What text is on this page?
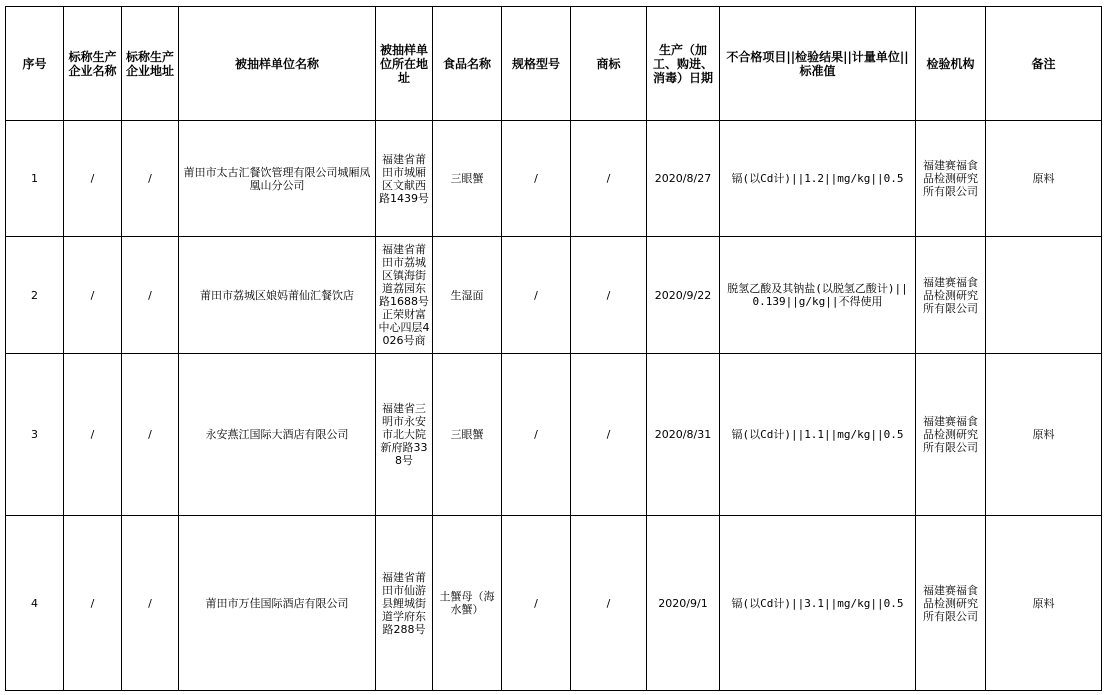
序号	标称生产企业名称	标称生产企业地址	被抽样单位名称	被抽样单位所在地址	食品名称	规格型号	商标	生产（加工、购进、消毒）日期	不合格项目||检验结果||计量单位||标准值	检验机构	备注
1	/	/	莆田市太古汇餐饮管理有限公司城厢凤凰山分公司	福建省莆田市城厢区文献西路1439号	三眼蟹	/	/	2020/8/27	镉(以Cd计)||1.2||mg/kg||0.5	福建赛福食品检测研究所有限公司	原料
2	/	/	莆田市荔城区娘妈莆仙汇餐饮店	福建省莆田市荔城区镇海街道荔园东路1688号正荣财富中心四层4026号商	生湿面	/	/	2020/9/22	脱氢乙酸及其钠盐(以脱氢乙酸计)||0.139||g/kg||不得使用	福建赛福食品检测研究所有限公司	
3	/	/	永安燕江国际大酒店有限公司	福建省三明市永安市北大院新府路338号	三眼蟹	/	/	2020/8/31	镉(以Cd计)||1.1||mg/kg||0.5	福建赛福食品检测研究所有限公司	原料
4	/	/	莆田市万佳国际酒店有限公司	福建省莆田市仙游县鲤城街道学府东路288号	土蟹母（海水蟹）	/	/	2020/9/1	镉(以Cd计)||3.1||mg/kg||0.5	福建赛福食品检测研究所有限公司	原料
